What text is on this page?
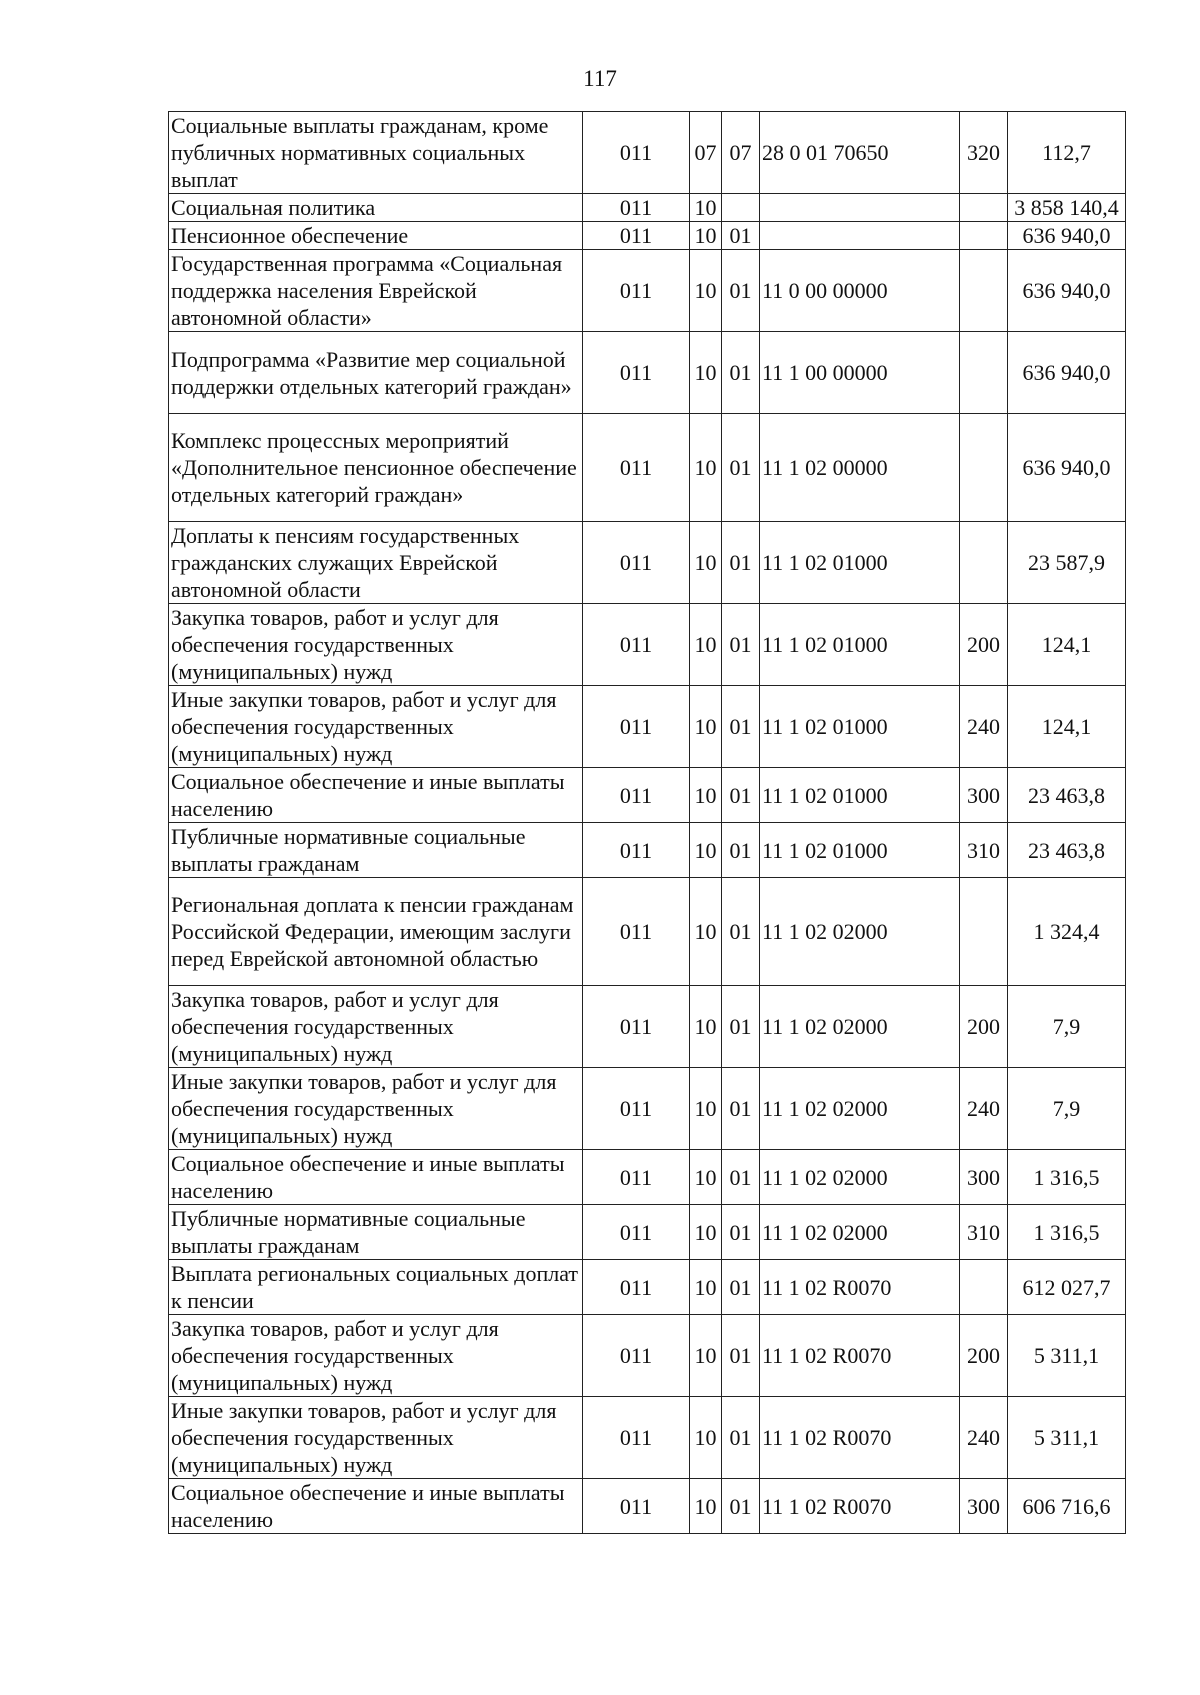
117
Социальные выплаты гражданам, кроме публичных нормативных социальных выплат	011	07	07	28 0 01 70650	320	112,7
Социальная политика	011	10				3 858 140,4
Пенсионное обеспечение	011	10	01			636 940,0
Государственная программа «Социальная поддержка населения Еврейской автономной области»	011	10	01	11 0 00 00000		636 940,0
Подпрограмма «Развитие мер социальной поддержки отдельных категорий граждан»	011	10	01	11 1 00 00000		636 940,0
Комплекс процессных мероприятий «Дополнительное пенсионное обеспечение отдельных категорий граждан»	011	10	01	11 1 02 00000		636 940,0
Доплаты к пенсиям государственных гражданских служащих Еврейской автономной области	011	10	01	11 1 02 01000		23 587,9
Закупка товаров, работ и услуг для обеспечения государственных (муниципальных) нужд	011	10	01	11 1 02 01000	200	124,1
Иные закупки товаров, работ и услуг для обеспечения государственных (муниципальных) нужд	011	10	01	11 1 02 01000	240	124,1
Социальное обеспечение и иные выплаты населению	011	10	01	11 1 02 01000	300	23 463,8
Публичные нормативные социальные выплаты гражданам	011	10	01	11 1 02 01000	310	23 463,8
Региональная доплата к пенсии гражданам Российской Федерации, имеющим заслуги перед Еврейской автономной областью	011	10	01	11 1 02 02000		1 324,4
Закупка товаров, работ и услуг для обеспечения государственных (муниципальных) нужд	011	10	01	11 1 02 02000	200	7,9
Иные закупки товаров, работ и услуг для обеспечения государственных (муниципальных) нужд	011	10	01	11 1 02 02000	240	7,9
Социальное обеспечение и иные выплаты населению	011	10	01	11 1 02 02000	300	1 316,5
Публичные нормативные социальные выплаты гражданам	011	10	01	11 1 02 02000	310	1 316,5
Выплата региональных социальных доплат к пенсии	011	10	01	11 1 02 R0070		612 027,7
Закупка товаров, работ и услуг для обеспечения государственных (муниципальных) нужд	011	10	01	11 1 02 R0070	200	5 311,1
Иные закупки товаров, работ и услуг для обеспечения государственных (муниципальных) нужд	011	10	01	11 1 02 R0070	240	5 311,1
Социальное обеспечение и иные выплаты населению	011	10	01	11 1 02 R0070	300	606 716,6
